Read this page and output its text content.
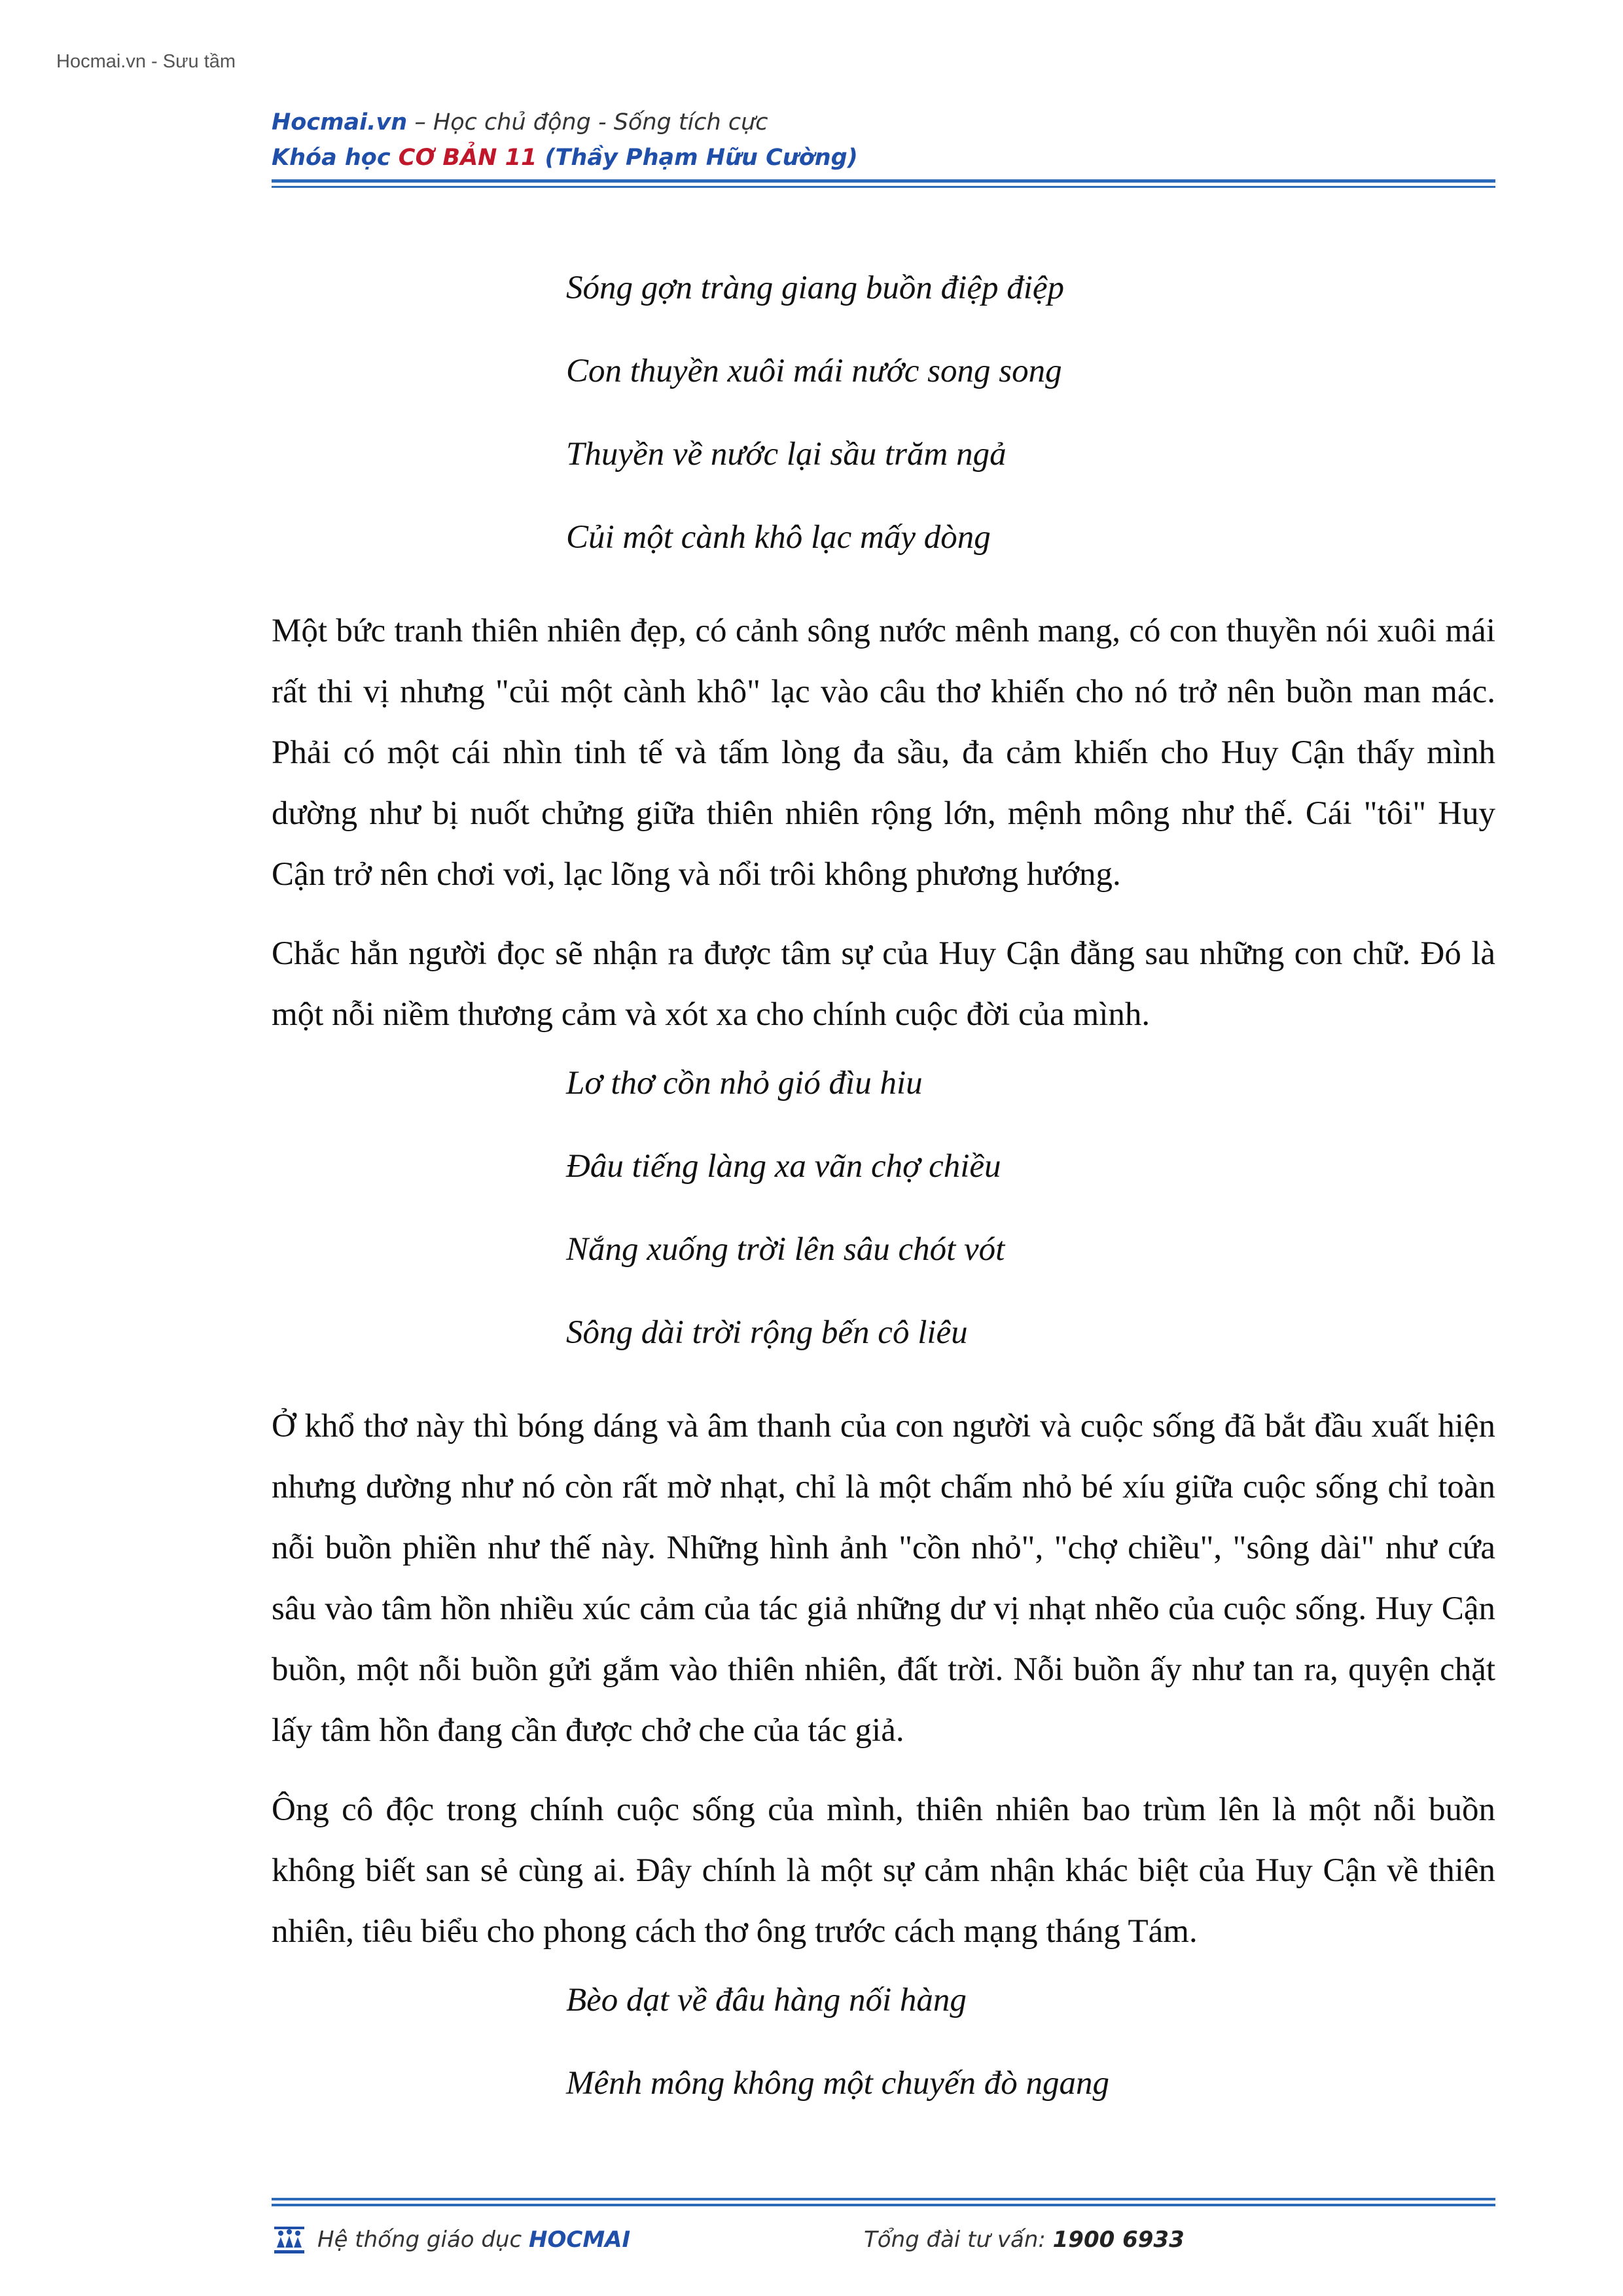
Hocmai.vn - Sưu tầm
Hocmai.vn – Học chủ động - Sống tích cực
Khóa học CƠ BẢN 11 (Thầy Phạm Hữu Cường)
Sóng gợn tràng giang buồn điệp điệp
Con thuyền xuôi mái nước song song
Thuyền về nước lại sầu trăm ngả
Củi một cành khô lạc mấy dòng

Một bức tranh thiên nhiên đẹp, có cảnh sông nước mênh mang, có con thuyền nói xuôi mái rất thi vị nhưng "củi một cành khô" lạc vào câu thơ khiến cho nó trở nên buồn man mác. Phải có một cái nhìn tinh tế và tấm lòng đa sầu, đa cảm khiến cho Huy Cận thấy mình dường như bị nuốt chửng giữa thiên nhiên rộng lớn, mệnh mông như thế. Cái "tôi" Huy Cận trở nên chơi vơi, lạc lõng và nổi trôi không phương hướng.

Chắc hẳn người đọc sẽ nhận ra được tâm sự của Huy Cận đằng sau những con chữ. Đó là một nỗi niềm thương cảm và xót xa cho chính cuộc đời của mình.

Lơ thơ cồn nhỏ gió đìu hiu
Đâu tiếng làng xa vãn chợ chiều
Nắng xuống trời lên sâu chót vót
Sông dài trời rộng bến cô liêu

Ở khổ thơ này thì bóng dáng và âm thanh của con người và cuộc sống đã bắt đầu xuất hiện nhưng dường như nó còn rất mờ nhạt, chỉ là một chấm nhỏ bé xíu giữa cuộc sống chỉ toàn nỗi buồn phiền như thế này. Những hình ảnh "cồn nhỏ", "chợ chiều", "sông dài" như cứa sâu vào tâm hồn nhiều xúc cảm của tác giả những dư vị nhạt nhẽo của cuộc sống. Huy Cận buồn, một nỗi buồn gửi gắm vào thiên nhiên, đất trời. Nỗi buồn ấy như tan ra, quyện chặt lấy tâm hồn đang cần được chở che của tác giả.

Ông cô độc trong chính cuộc sống của mình, thiên nhiên bao trùm lên là một nỗi buồn không biết san sẻ cùng ai. Đây chính là một sự cảm nhận khác biệt của Huy Cận về thiên nhiên, tiêu biểu cho phong cách thơ ông trước cách mạng tháng Tám.

Bèo dạt về đâu hàng nối hàng
Mênh mông không một chuyến đò ngang
Hệ thống giáo dục HOCMAI	Tổng đài tư vấn: 1900 6933
